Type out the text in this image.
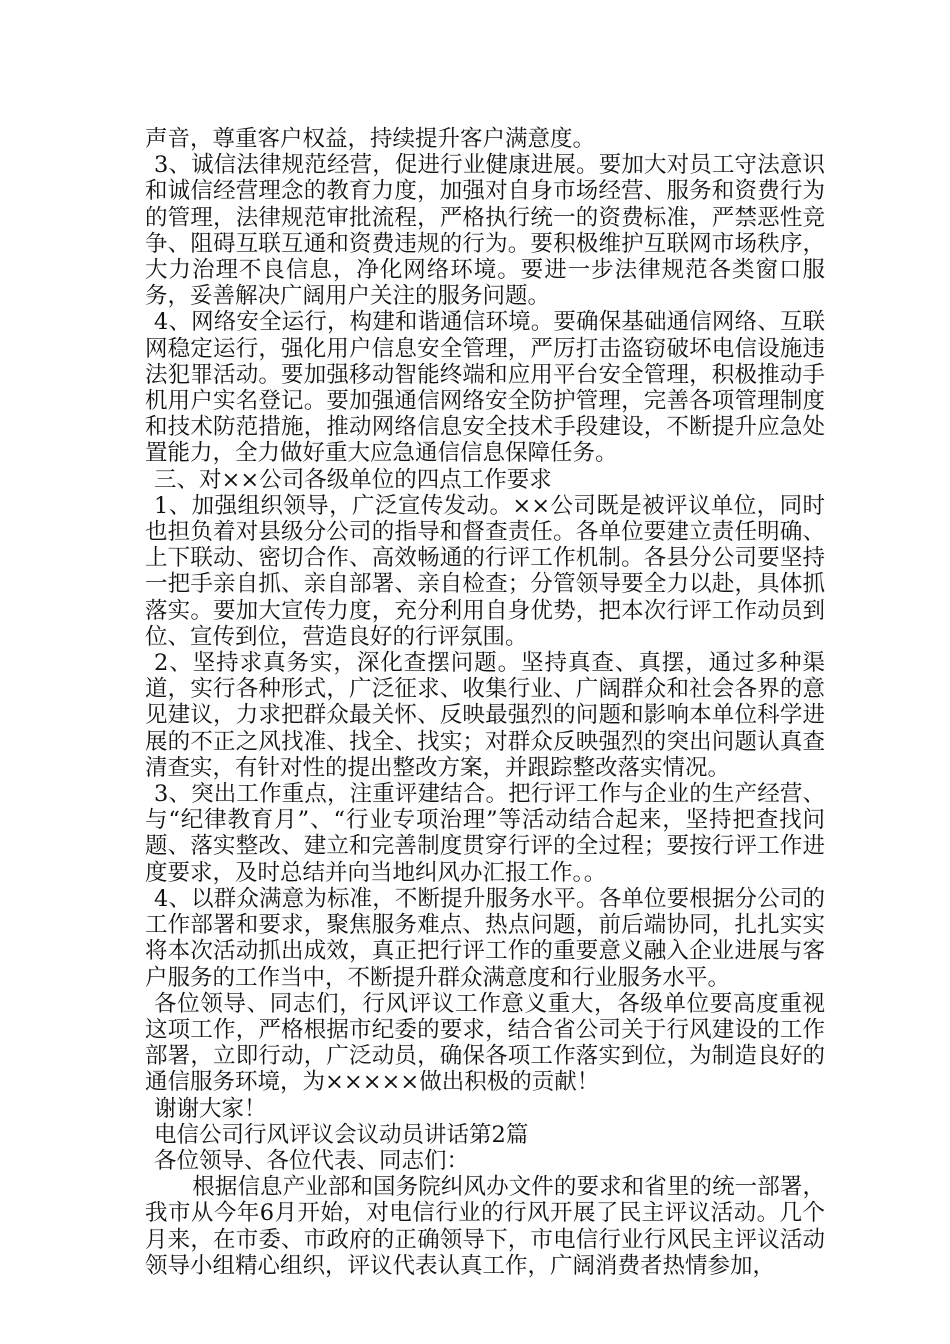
声音，尊重客户权益，持续提升客户满意度。

3、诚信法律规范经营，促进行业健康进展。要加大对员工守法意识和诚信经营理念的教育力度，加强对自身市场经营、服务和资费行为的管理，法律规范审批流程，严格执行统一的资费标准，严禁恶性竞争、阻碍互联互通和资费违规的行为。要积极维护互联网市场秩序，大力治理不良信息，净化网络环境。要进一步法律规范各类窗口服务，妥善解决广阔用户关注的服务问题。

4、网络安全运行，构建和谐通信环境。要确保基础通信网络、互联网稳定运行，强化用户信息安全管理，严厉打击盗窃破坏电信设施违法犯罪活动。要加强移动智能终端和应用平台安全管理，积极推动手机用户实名登记。要加强通信网络安全防护管理，完善各项管理制度和技术防范措施，推动网络信息安全技术手段建设，不断提升应急处置能力，全力做好重大应急通信信息保障任务。

三、对××公司各级单位的四点工作要求

1、加强组织领导，广泛宣传发动。××公司既是被评议单位，同时也担负着对县级分公司的指导和督查责任。各单位要建立责任明确、上下联动、密切合作、高效畅通的行评工作机制。各县分公司要坚持一把手亲自抓、亲自部署、亲自检查；分管领导要全力以赴，具体抓落实。要加大宣传力度，充分利用自身优势，把本次行评工作动员到位、宣传到位，营造良好的行评氛围。

2、坚持求真务实，深化查摆问题。坚持真查、真摆，通过多种渠道，实行各种形式，广泛征求、收集行业、广阔群众和社会各界的意见建议，力求把群众最关怀、反映最强烈的问题和影响本单位科学进展的不正之风找准、找全、找实；对群众反映强烈的突出问题认真查清查实，有针对性的提出整改方案，并跟踪整改落实情况。

3、突出工作重点，注重评建结合。把行评工作与企业的生产经营、与“纪律教育月”、“行业专项治理”等活动结合起来，坚持把查找问题、落实整改、建立和完善制度贯穿行评的全过程；要按行评工作进度要求，及时总结并向当地纠风办汇报工作。。

4、以群众满意为标准，不断提升服务水平。各单位要根据分公司的工作部署和要求，聚焦服务难点、热点问题，前后端协同，扎扎实实将本次活动抓出成效，真正把行评工作的重要意义融入企业进展与客户服务的工作当中，不断提升群众满意度和行业服务水平。

各位领导、同志们，行风评议工作意义重大，各级单位要高度重视这项工作，严格根据市纪委的要求，结合省公司关于行风建设的工作部署，立即行动，广泛动员，确保各项工作落实到位，为制造良好的通信服务环境，为×××××做出积极的贡献！

谢谢大家！

电信公司行风评议会议动员讲话第2篇

各位领导、各位代表、同志们：

根据信息产业部和国务院纠风办文件的要求和省里的统一部署，我市从今年6月开始，对电信行业的行风开展了民主评议活动。几个月来，在市委、市政府的正确领导下，市电信行业行风民主评议活动领导小组精心组织，评议代表认真工作，广阔消费者热情参加，
